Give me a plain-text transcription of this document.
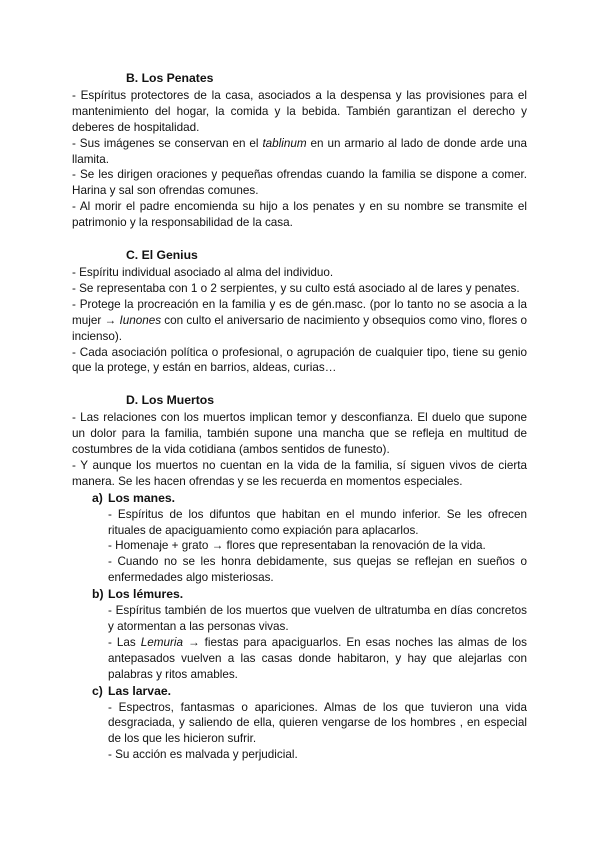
B. Los Penates

- Espíritus protectores de la casa, asociados a la despensa y las provisiones para el mantenimiento del hogar, la comida y la bebida. También garantizan el derecho y deberes de hospitalidad.

- Sus imágenes se conservan en el tablinum en un armario al lado de donde arde una llamita.

- Se les dirigen oraciones y pequeñas ofrendas cuando la familia se dispone a comer. Harina y sal son ofrendas comunes.

- Al morir el padre encomienda su hijo a los penates y en su nombre se transmite el patrimonio y la responsabilidad de la casa.

C. El Genius

- Espíritu individual asociado al alma del individuo.

- Se representaba con 1 o 2 serpientes, y su culto está asociado al de lares y penates.

- Protege la procreación en la familia y es de gén.masc. (por lo tanto no se asocia a la mujer → Iunones con culto el aniversario de nacimiento y obsequios como vino, flores o incienso).

- Cada asociación política o profesional, o agrupación de cualquier tipo, tiene su genio que la protege, y están en barrios, aldeas, curias…

D. Los Muertos

- Las relaciones con los muertos implican temor y desconfianza. El duelo que supone un dolor para la familia, también supone una mancha que se refleja en multitud de costumbres de la vida cotidiana (ambos sentidos de funesto).

- Y aunque los muertos no cuentan en la vida de la familia, sí siguen vivos de cierta manera. Se les hacen ofrendas y se les recuerda en momentos especiales.

a) Los manes.

- Espíritus de los difuntos que habitan en el mundo inferior. Se les ofrecen rituales de apaciguamiento como expiación para aplacarlos.

- Homenaje + grato → flores que representaban la renovación de la vida.

- Cuando no se les honra debidamente, sus quejas se reflejan en sueños o enfermedades algo misteriosas.

b) Los lémures.

- Espíritus también de los muertos que vuelven de ultratumba en días concretos y atormentan a las personas vivas.

- Las Lemuria → fiestas para apaciguarlos. En esas noches las almas de los antepasados vuelven a las casas donde habitaron, y hay que alejarlas con palabras y ritos amables.

c) Las larvae.

- Espectros, fantasmas o apariciones. Almas de los que tuvieron una vida desgraciada, y saliendo de ella, quieren vengarse de los hombres , en especial de los que les hicieron sufrir.

- Su acción es malvada y perjudicial.
